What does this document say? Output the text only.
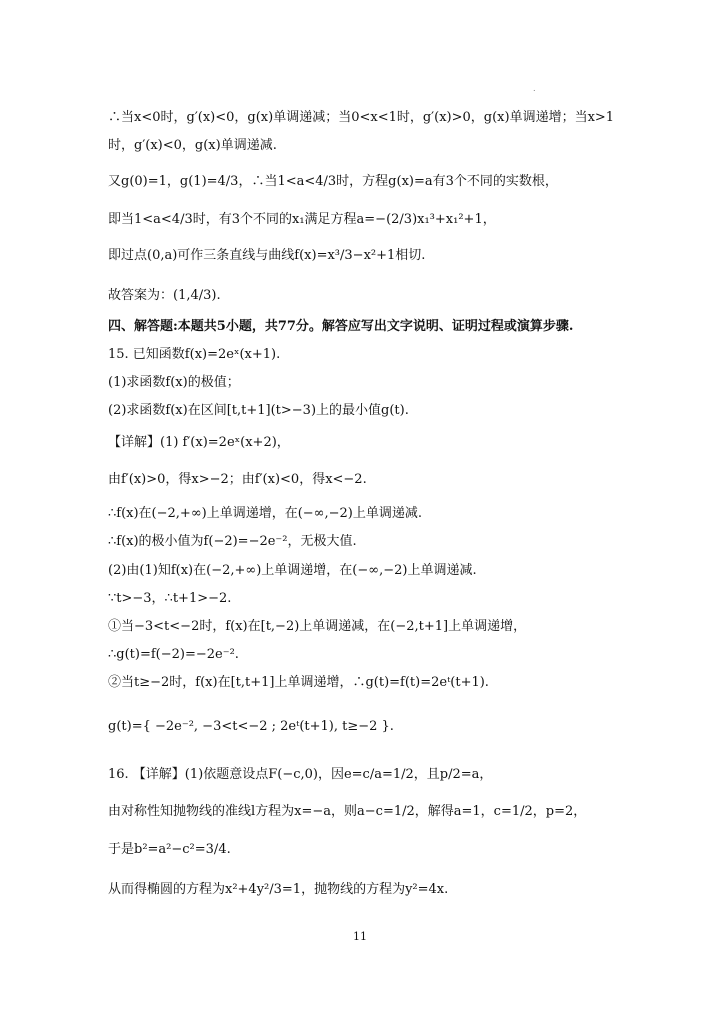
.
∴当x<0时，g′(x)<0，g(x)单调递减；当0<x<1时，g′(x)>0，g(x)单调递增；当x>1
时，g′(x)<0，g(x)单调递减.
又g(0)=1，g(1)=4/3，∴当1<a<4/3时，方程g(x)=a有3个不同的实数根，
即当1<a<4/3时，有3个不同的x₁满足方程a=−(2/3)x₁³+x₁²+1，
即过点(0,a)可作三条直线与曲线f(x)=x³/3−x²+1相切.
故答案为：(1,4/3).
四、解答题:本题共5小题，共77分。解答应写出文字说明、证明过程或演算步骤.
15. 已知函数f(x)=2eˣ(x+1).
(1)求函数f(x)的极值；
(2)求函数f(x)在区间[t,t+1](t>−3)上的最小值g(t).
【详解】(1) f′(x)=2eˣ(x+2)，
由f′(x)>0，得x>−2；由f′(x)<0，得x<−2.
∴f(x)在(−2,+∞)上单调递增，在(−∞,−2)上单调递减.
∴f(x)的极小值为f(−2)=−2e⁻²，无极大值.
(2)由(1)知f(x)在(−2,+∞)上单调递增，在(−∞,−2)上单调递减.
∵t>−3，∴t+1>−2.
①当−3<t<−2时，f(x)在[t,−2)上单调递减，在(−2,t+1]上单调递增，
∴g(t)=f(−2)=−2e⁻².
②当t≥−2时，f(x)在[t,t+1]上单调递增，∴g(t)=f(t)=2eᵗ(t+1).
g(t)={ −2e⁻², −3<t<−2 ; 2eᵗ(t+1), t≥−2 }.
16. 【详解】(1)依题意设点F(−c,0)，因e=c/a=1/2，且p/2=a，
由对称性知抛物线的准线l方程为x=−a，则a−c=1/2，解得a=1，c=1/2，p=2，
于是b²=a²−c²=3/4.
从而得椭圆的方程为x²+4y²/3=1，抛物线的方程为y²=4x.
11
